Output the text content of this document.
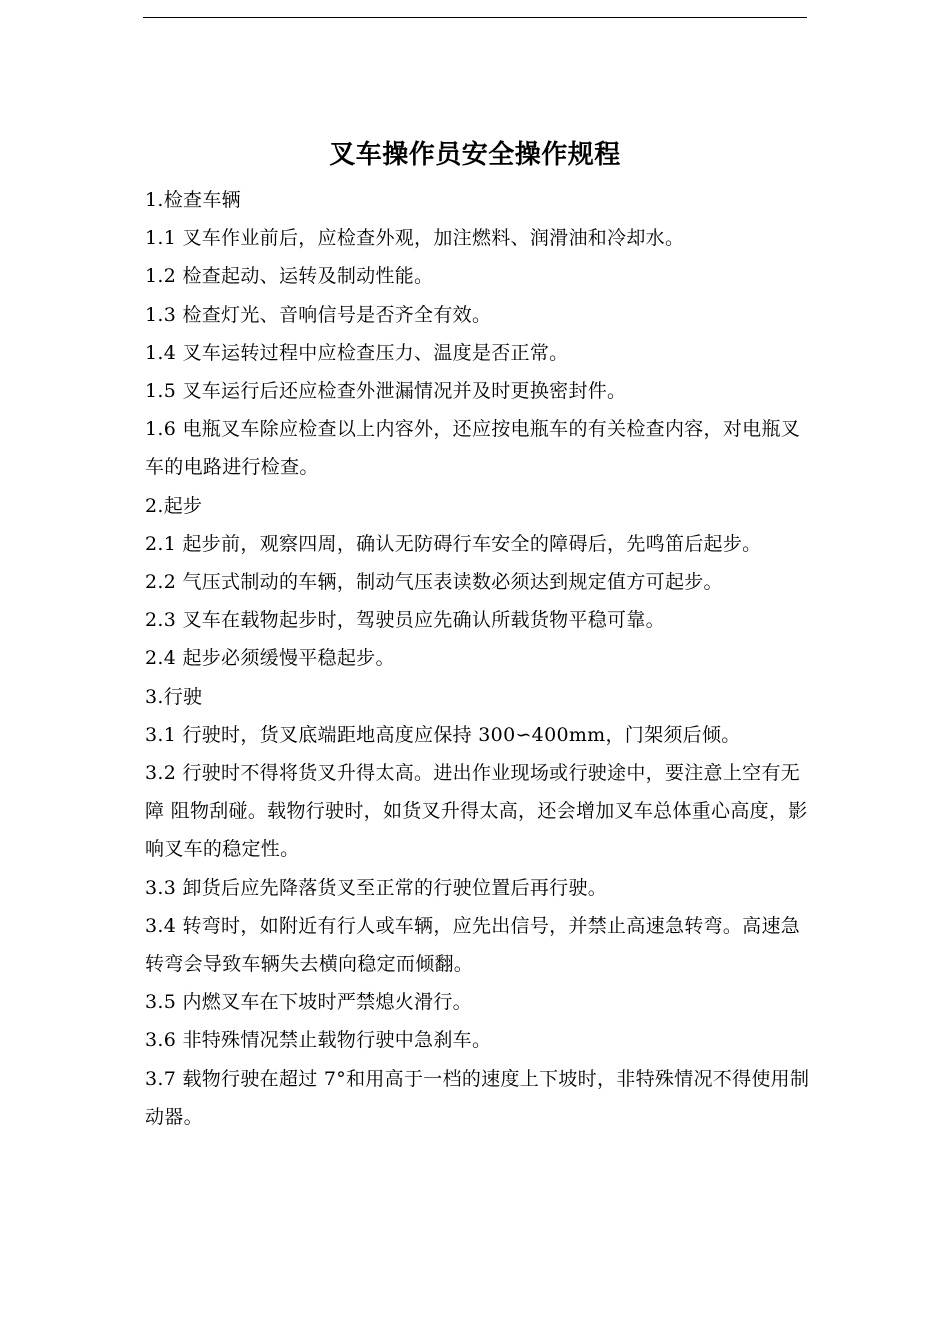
叉车操作员安全操作规程

1.检查车辆

1.1 叉车作业前后，应检查外观，加注燃料、润滑油和冷却水。

1.2 检查起动、运转及制动性能。

1.3 检查灯光、音响信号是否齐全有效。

1.4 叉车运转过程中应检查压力、温度是否正常。

1.5 叉车运行后还应检查外泄漏情况并及时更换密封件。

1.6 电瓶叉车除应检查以上内容外，还应按电瓶车的有关检查内容，对电瓶叉车的电路进行检查。

2.起步

2.1 起步前，观察四周，确认无防碍行车安全的障碍后，先鸣笛后起步。

2.2 气压式制动的车辆，制动气压表读数必须达到规定值方可起步。

2.3 叉车在载物起步时，驾驶员应先确认所载货物平稳可靠。

2.4 起步必须缓慢平稳起步。

3.行驶

3.1 行驶时，货叉底端距地高度应保持 300∽400mm，门架须后倾。

3.2 行驶时不得将货叉升得太高。进出作业现场或行驶途中，要注意上空有无障 阻物刮碰。载物行驶时，如货叉升得太高，还会增加叉车总体重心高度，影响叉车的稳定性。

3.3 卸货后应先降落货叉至正常的行驶位置后再行驶。

3.4 转弯时，如附近有行人或车辆，应先出信号，并禁止高速急转弯。高速急转弯会导致车辆失去横向稳定而倾翻。

3.5 内燃叉车在下坡时严禁熄火滑行。

3.6 非特殊情况禁止载物行驶中急刹车。

3.7 载物行驶在超过 7°和用高于一档的速度上下坡时，非特殊情况不得使用制动器。
